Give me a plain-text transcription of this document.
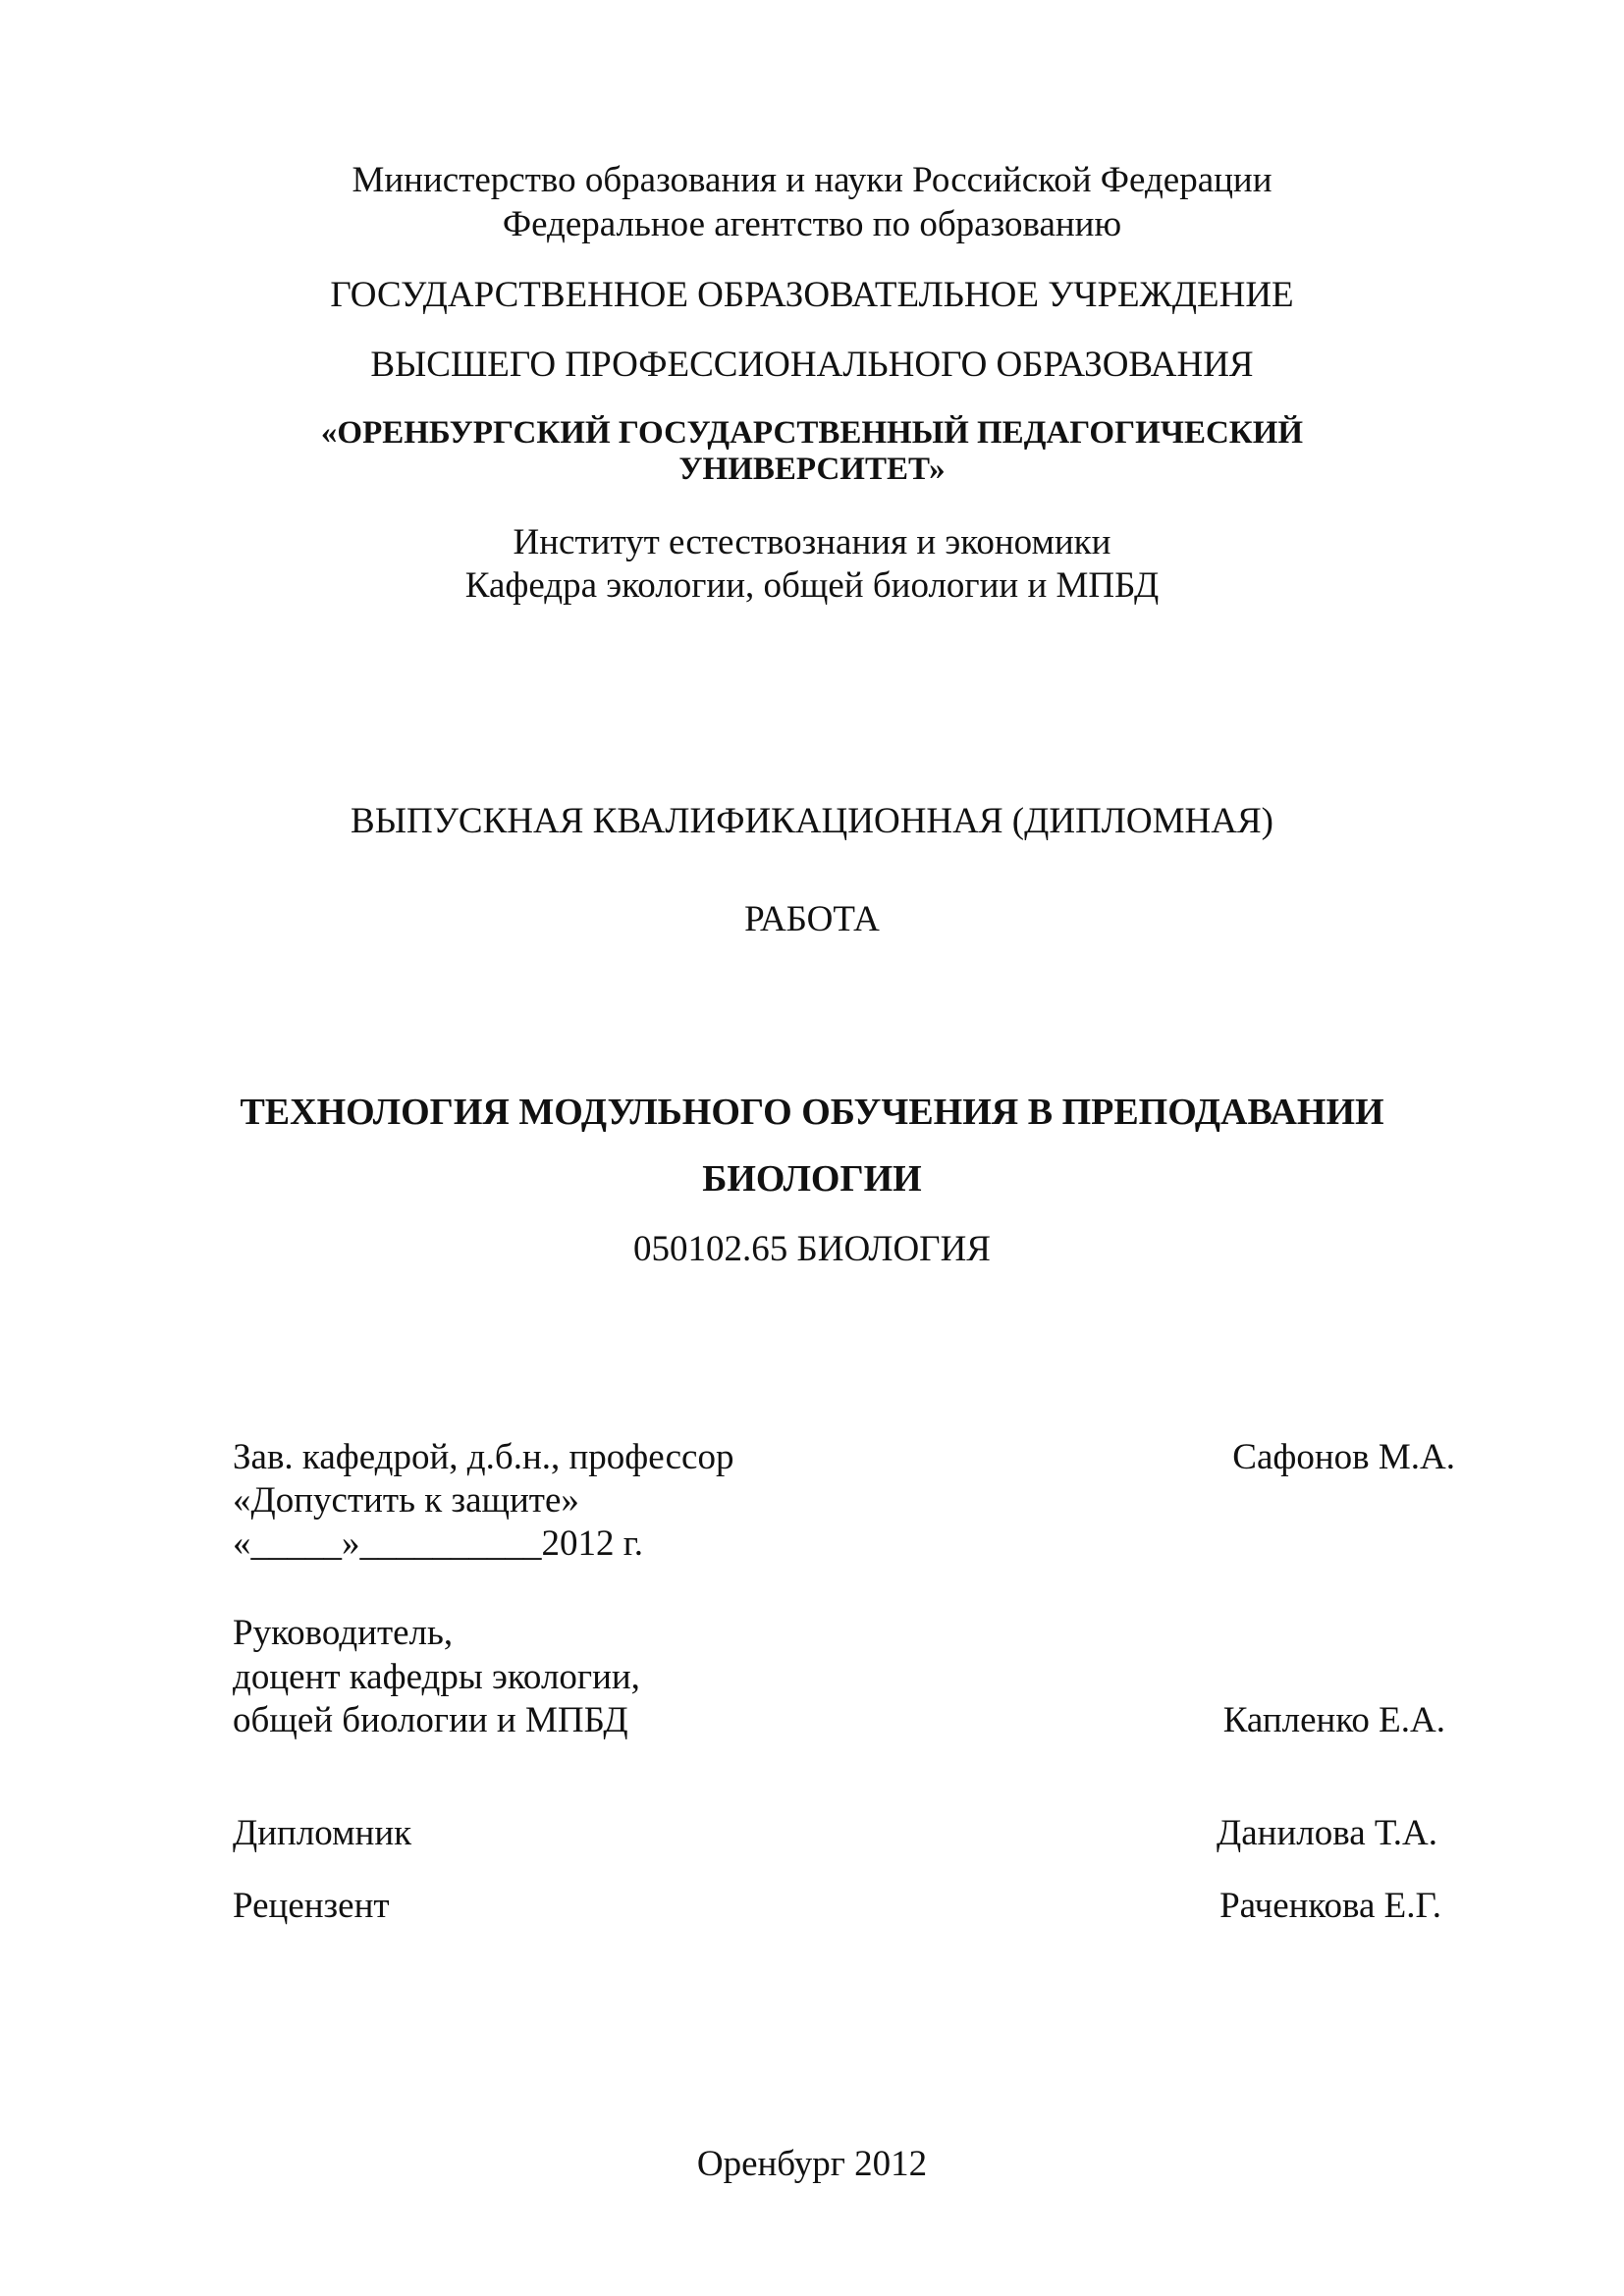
Министерство образования и науки Российской Федерации
Федеральное агентство по образованию
ГОСУДАРСТВЕННОЕ ОБРАЗОВАТЕЛЬНОЕ УЧРЕЖДЕНИЕ
ВЫСШЕГО ПРОФЕССИОНАЛЬНОГО ОБРАЗОВАНИЯ
«ОРЕНБУРГСКИЙ ГОСУДАРСТВЕННЫЙ ПЕДАГОГИЧЕСКИЙ
УНИВЕРСИТЕТ»
Институт естествознания и экономики
Кафедра экологии, общей биологии и МПБД
ВЫПУСКНАЯ КВАЛИФИКАЦИОННАЯ (ДИПЛОМНАЯ)
РАБОТА
ТЕХНОЛОГИЯ МОДУЛЬНОГО ОБУЧЕНИЯ В ПРЕПОДАВАНИИ
БИОЛОГИИ
050102.65 БИОЛОГИЯ
Зав. кафедрой, д.б.н., профессор	Сафонов М.А.
«Допустить к защите»
«_____»__________2012 г.
Руководитель,
доцент кафедры экологии,
общей биологии и МПБД	Капленко Е.А.
Дипломник	Данилова Т.А.
Рецензент	Раченкова Е.Г.
Оренбург 2012
